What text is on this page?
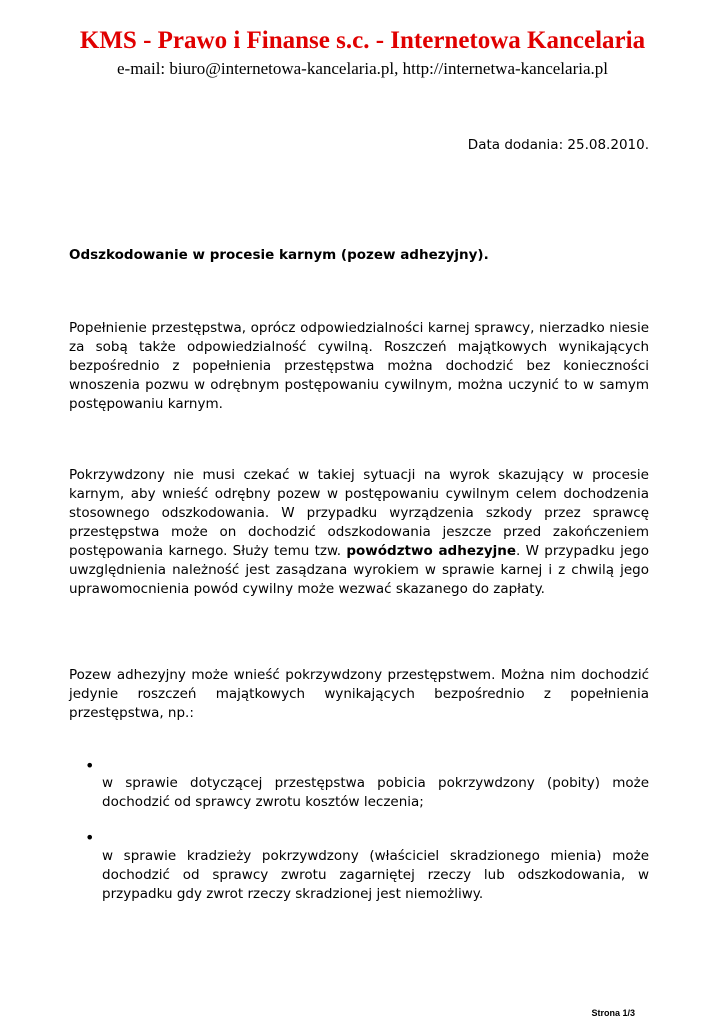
KMS - Prawo i Finanse s.c. - Internetowa Kancelaria
e-mail: biuro@internetowa-kancelaria.pl, http://internetwa-kancelaria.pl
Data dodania: 25.08.2010.
Odszkodowanie w procesie karnym (pozew adhezyjny).

Popełnienie przestępstwa, oprócz odpowiedzialności karnej sprawcy, nierzadko niesie za sobą także odpowiedzialność cywilną. Roszczeń majątkowych wynikających bezpośrednio z popełnienia przestępstwa można dochodzić bez konieczności wnoszenia pozwu w odrębnym postępowaniu cywilnym, można uczynić to w samym postępowaniu karnym.

Pokrzywdzony nie musi czekać w takiej sytuacji na wyrok skazujący w procesie karnym, aby wnieść odrębny pozew w postępowaniu cywilnym celem dochodzenia stosownego odszkodowania. W przypadku wyrządzenia szkody przez sprawcę przestępstwa może on dochodzić odszkodowania jeszcze przed zakończeniem postępowania karnego. Służy temu tzw. powództwo adhezyjne. W przypadku jego uwzględnienia należność jest zasądzana wyrokiem w sprawie karnej i z chwilą jego uprawomocnienia powód cywilny może wezwać skazanego do zapłaty.

Pozew adhezyjny może wnieść pokrzywdzony przestępstwem. Można nim dochodzić jedynie roszczeń majątkowych wynikających bezpośrednio z popełnienia przestępstwa, np.:

•

w sprawie dotyczącej przestępstwa pobicia pokrzywdzony (pobity) może dochodzić od sprawcy zwrotu kosztów leczenia;

•

w sprawie kradzieży pokrzywdzony (właściciel skradzionego mienia) może dochodzić od sprawcy zwrotu zagarniętej rzeczy lub odszkodowania, w przypadku gdy zwrot rzeczy skradzionej jest niemożliwy.

Strona 1/3
